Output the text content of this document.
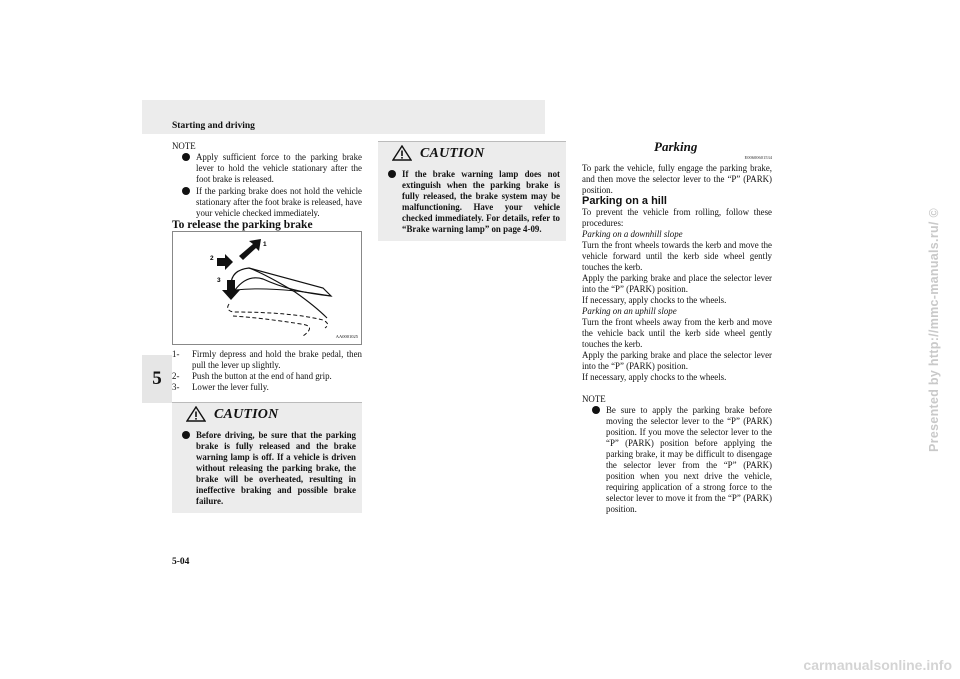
Starting and driving
5
5-04
Presented by http://mmc-manuals.ru/ ©
carmanualsonline.info

NOTE

Apply sufficient force to the parking brake lever to hold the vehicle stationary after the foot brake is released.
If the parking brake does not hold the vehicle stationary after the foot brake is released, have your vehicle checked immediately.

To release the parking brake

1
2
3
AA0001025
1-	Firmly depress and hold the brake pedal, then pull the lever up slightly.
2-	Push the button at the end of hand grip.
3-	Lower the lever fully.
CAUTION
Before driving, be sure that the parking brake is fully released and the brake warning lamp is off. If a vehicle is driven without releasing the parking brake, the brake will be overheated, resulting in ineffective braking and possible brake failure.
CAUTION
If the brake warning lamp does not extinguish when the parking brake is fully released, the brake system may be malfunctioning. Have your vehicle checked immediately. For details, refer to “Brake warning lamp” on page 4-09.

Parking

E00600601534

To park the vehicle, fully engage the parking brake, and then move the selector lever to the “P” (PARK) position.

Parking on a hill

To prevent the vehicle from rolling, follow these procedures:

Parking on a downhill slope

Turn the front wheels towards the kerb and move the vehicle forward until the kerb side wheel gently touches the kerb.

Apply the parking brake and place the selector lever into the “P” (PARK) position.

If necessary, apply chocks to the wheels.

Parking on an uphill slope

Turn the front wheels away from the kerb and move the vehicle back until the kerb side wheel gently touches the kerb.

Apply the parking brake and place the selector lever into the “P” (PARK) position.

If necessary, apply chocks to the wheels.

NOTE

Be sure to apply the parking brake before moving the selector lever to the “P” (PARK) position. If you move the selector lever to the “P” (PARK) position before applying the parking brake, it may be difficult to disengage the selector lever from the “P” (PARK) position when you next drive the vehicle, requiring application of a strong force to the selector lever to move it from the “P” (PARK) position.
